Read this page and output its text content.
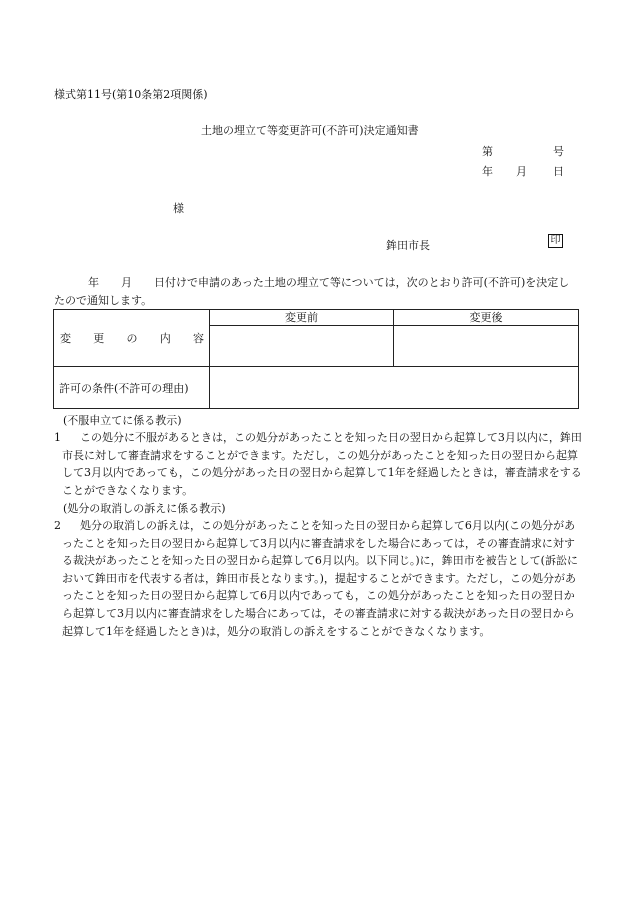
様式第11号(第10条第2項関係)
土地の埋立て等変更許可(不許可)決定通知書
第	号
年 月 日
様
鉾田市長	印
年 月 日付けで申請のあった土地の埋立て等については，次のとおり許可(不許可)を決定したので通知します。
変 更 の 内 容	変更前	変更後

許可の条件(不許可の理由)		
(不服申立てに係る教示)
1	この処分に不服があるときは，この処分があったことを知った日の翌日から起算して3月以内に，鉾田市長に対して審査請求をすることができます。ただし，この処分があったことを知った日の翌日から起算して3月以内であっても，この処分があった日の翌日から起算して1年を経過したときは，審査請求をすることができなくなります。
(処分の取消しの訴えに係る教示)
2	処分の取消しの訴えは，この処分があったことを知った日の翌日から起算して6月以内(この処分があったことを知った日の翌日から起算して3月以内に審査請求をした場合にあっては，その審査請求に対する裁決があったことを知った日の翌日から起算して6月以内。以下同じ。)に，鉾田市を被告として(訴訟において鉾田市を代表する者は，鉾田市長となります。)，提起することができます。ただし，この処分があったことを知った日の翌日から起算して6月以内であっても，この処分があったことを知った日の翌日から起算して3月以内に審査請求をした場合にあっては，その審査請求に対する裁決があった日の翌日から起算して1年を経過したとき)は，処分の取消しの訴えをすることができなくなります。
